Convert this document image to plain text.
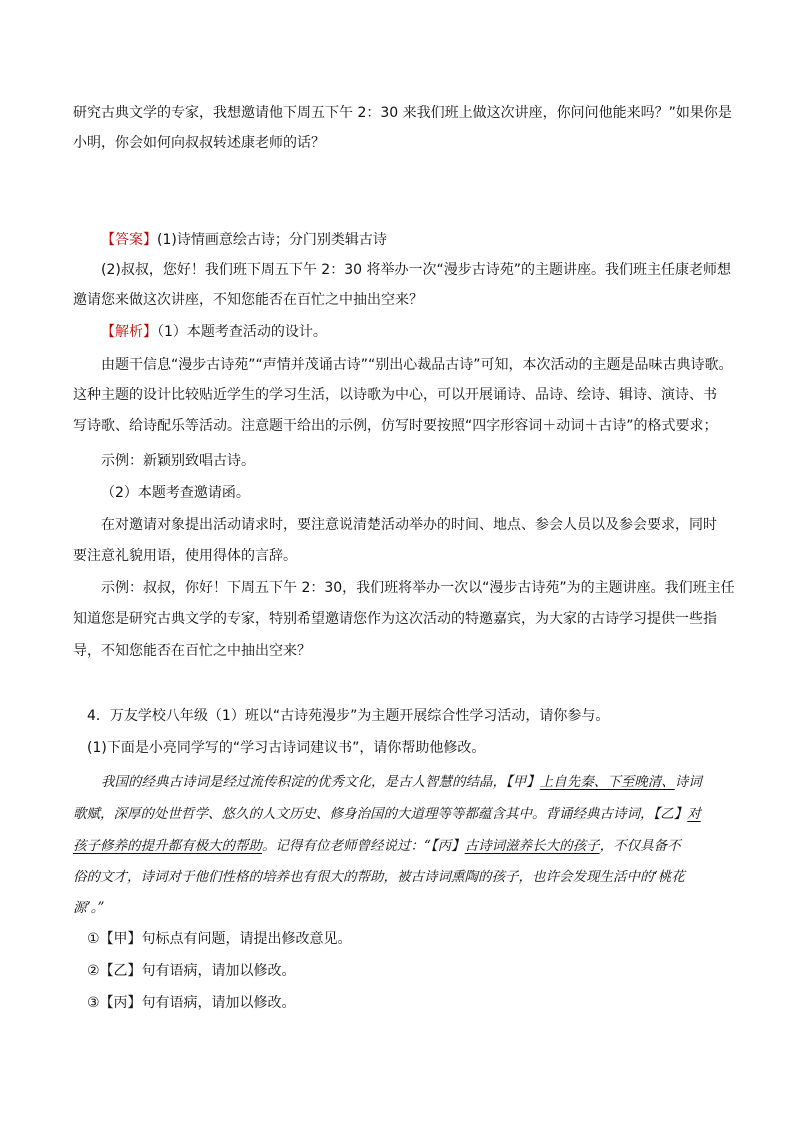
研究古典文学的专家，我想邀请他下周五下午 2：30 来我们班上做这次讲座，你问问他能来吗？”如果你是
小明，你会如何向叔叔转述康老师的话？
【答案】(1)诗情画意绘古诗；分门别类辑古诗
(2)叔叔，您好！我们班下周五下午 2：30 将举办一次“漫步古诗苑”的主题讲座。我们班主任康老师想
邀请您来做这次讲座，不知您能否在百忙之中抽出空来？
【解析】（1）本题考查活动的设计。
由题干信息“漫步古诗苑”“声情并茂诵古诗”“别出心裁品古诗”可知，本次活动的主题是品味古典诗歌。
这种主题的设计比较贴近学生的学习生活，以诗歌为中心，可以开展诵诗、品诗、绘诗、辑诗、演诗、书
写诗歌、给诗配乐等活动。注意题干给出的示例，仿写时要按照“四字形容词＋动词＋古诗”的格式要求；
示例：新颖别致唱古诗。
（2）本题考查邀请函。
在对邀请对象提出活动请求时，要注意说清楚活动举办的时间、地点、参会人员以及参会要求，同时
要注意礼貌用语，使用得体的言辞。
示例：叔叔，你好！下周五下午 2：30，我们班将举办一次以“漫步古诗苑”为的主题讲座。我们班主任
知道您是研究古典文学的专家，特别希望邀请您作为这次活动的特邀嘉宾，为大家的古诗学习提供一些指
导，不知您能否在百忙之中抽出空来？
4．万友学校八年级（1）班以“古诗苑漫步”为主题开展综合性学习活动，请你参与。
(1)下面是小亮同学写的“学习古诗词建议书”，请你帮助他修改。
我国的经典古诗词是经过流传积淀的优秀文化，是古人智慧的结晶，【甲】上自先秦、下至晚清、诗词
歌赋，深厚的处世哲学、悠久的人文历史、修身治国的大道理等等都蕴含其中。背诵经典古诗词，【乙】对
孩子修养的提升都有极大的帮助。记得有位老师曾经说过：“【丙】古诗词滋养长大的孩子，不仅具备不
俗的文才，诗词对于他们性格的培养也有很大的帮助，被古诗词熏陶的孩子，也许会发现生活中的‘桃花
源’。”
①【甲】句标点有问题，请提出修改意见。
②【乙】句有语病，请加以修改。
③【丙】句有语病，请加以修改。
